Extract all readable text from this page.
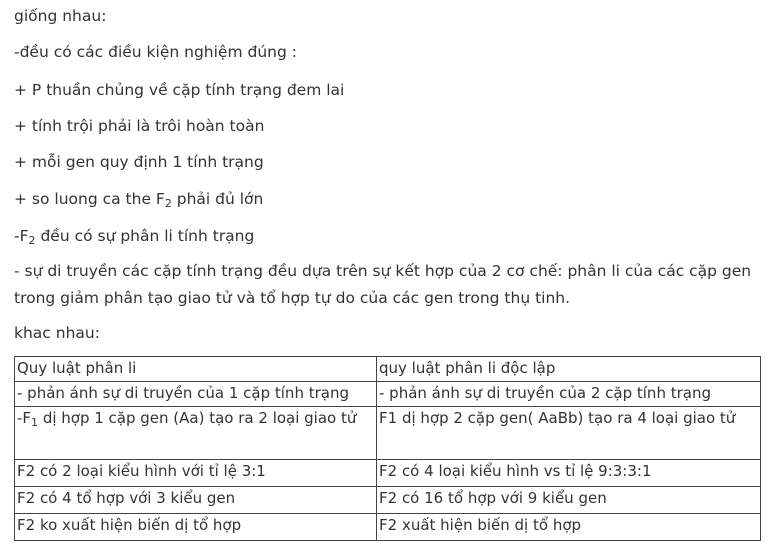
giống nhau:
-đều có các điều kiện nghiệm đúng :
+ P thuần chủng về cặp tính trạng đem lai
+ tính trội phải là trôi hoàn toàn
+ mỗi gen quy định 1 tính trạng
+ so luong ca the $F_2$ phải đủ lớn
$-F_2$ đều có sự phân li tính trạng
- sự di truyền các cặp tính trạng đều dựa trên sự kết hợp của 2 cơ chế: phân li của các cặp gen trong giảm phân tạo giao tử và tổ hợp tự do của các gen trong thụ tinh.
khac nhau:
Quy luật phân li	quy luật phân li độc lập
- phản ánh sự di truyền của 1 cặp tính trạng	- phản ánh sự di truyền của 2 cặp tính trạng
$-F_1$ dị hợp 1 cặp gen (Aa) tạo ra 2 loại giao tử	F1 dị hợp 2 cặp gen( AaBb) tạo ra 4 loại giao tử
F2 có 2 loại kiểu hình với tỉ lệ 3:1	F2 có 4 loại kiểu hình vs tỉ lệ 9:3:3:1
F2 có 4 tổ hợp với 3 kiểu gen	F2 có 16 tổ hợp với 9 kiểu gen
F2 ko xuất hiện biến dị tổ hợp	F2 xuất hiện biến dị tổ hợp
